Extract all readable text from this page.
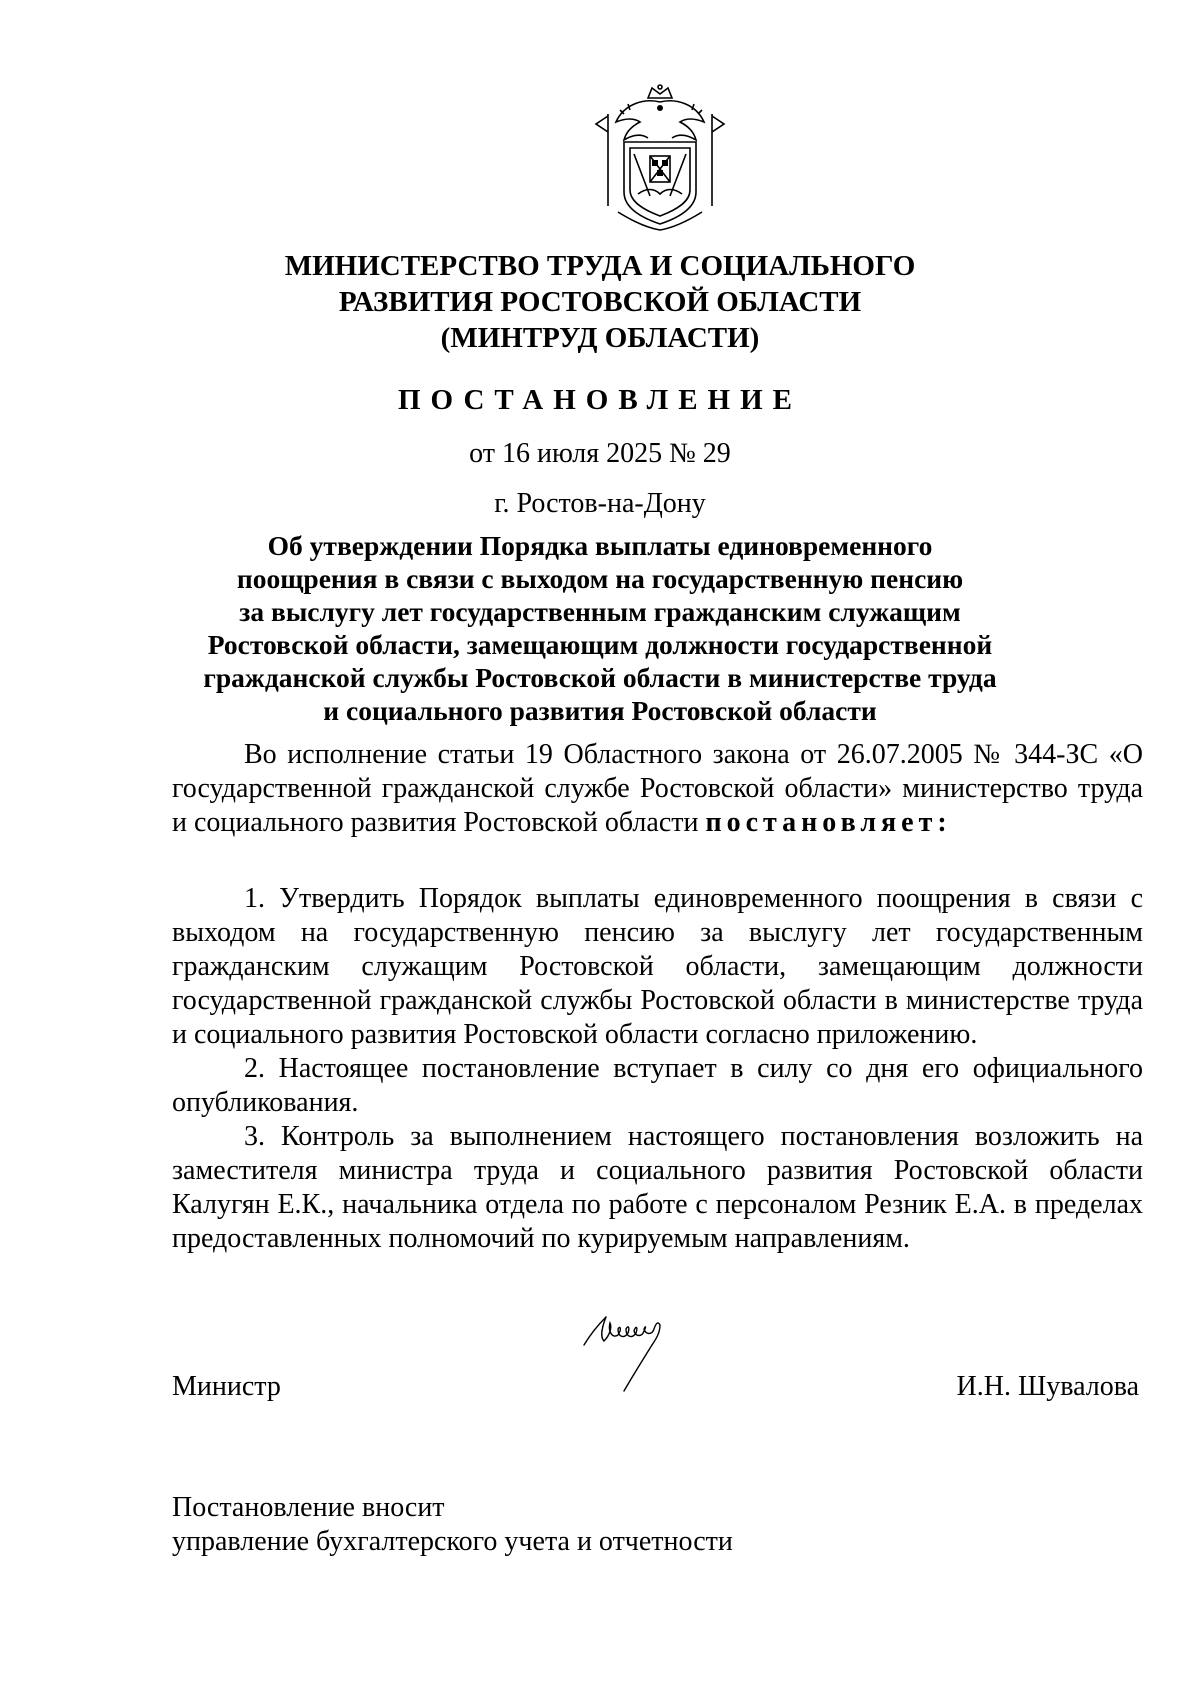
МИНИСТЕРСТВО ТРУДА И СОЦИАЛЬНОГО
РАЗВИТИЯ РОСТОВСКОЙ ОБЛАСТИ
(МИНТРУД ОБЛАСТИ)
ПОСТАНОВЛЕНИЕ
от 16 июля 2025 № 29
г. Ростов-на-Дону
Об утверждении Порядка выплаты единовременного
поощрения в связи с выходом на государственную пенсию
за выслугу лет государственным гражданским служащим
Ростовской области, замещающим должности государственной
гражданской службы Ростовской области в министерстве труда
и социального развития Ростовской области

Во исполнение статьи 19 Областного закона от 26.07.2005 № 344-ЗС «О государственной гражданской службе Ростовской области» министерство труда и социального развития Ростовской области постановляет:

1. Утвердить Порядок выплаты единовременного поощрения в связи с выходом на государственную пенсию за выслугу лет государственным гражданским служащим Ростовской области, замещающим должности государственной гражданской службы Ростовской области в министерстве труда и социального развития Ростовской области согласно приложению.

2. Настоящее постановление вступает в силу со дня его официального опубликования.

3. Контроль за выполнением настоящего постановления возложить на заместителя министра труда и социального развития Ростовской области Калугян Е.К., начальника отдела по работе с персоналом Резник Е.А. в пределах предоставленных полномочий по курируемым направлениям.

Министр	И.Н. Шувалова
Постановление вносит
управление бухгалтерского учета и отчетности
